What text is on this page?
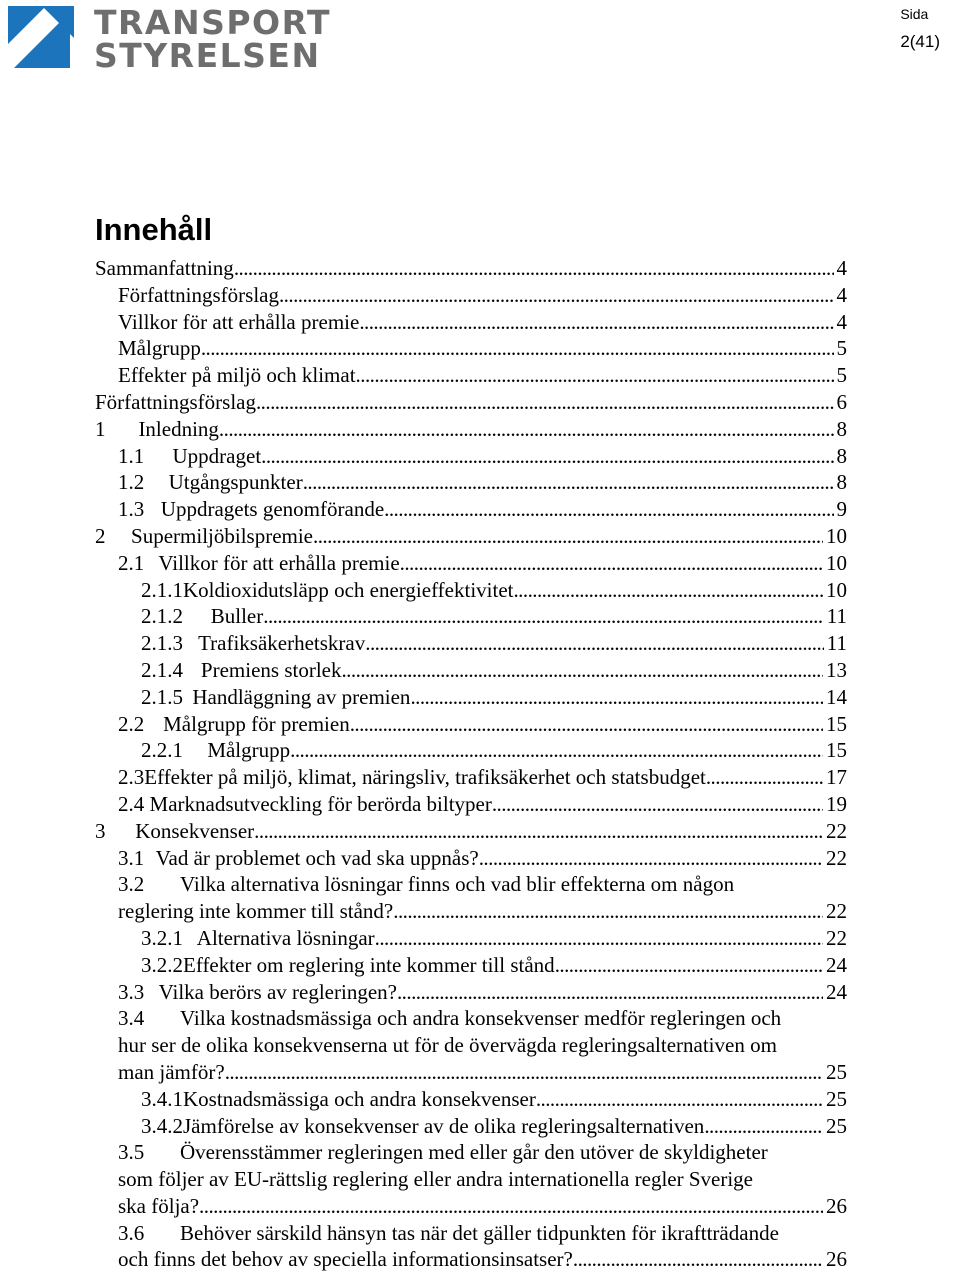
TRANSPORT
STYRELSEN
Sida
2(41)
Innehåll
Sammanfattning . . .	4
Författningsförslag . . .	4
Villkor för att erhålla premie . . .	4
Målgrupp . . .	5
Effekter på miljö och klimat . . .	5
Författningsförslag . . .	6
1	Inledning . . .	8
1.1	Uppdraget . . .	8
1.2	Utgångspunkter . . .	8
1.3 Uppdragets genomförande . . .	9
2	Supermiljöbilspremie . . .	10
2.1 Villkor för att erhålla premie . . .	10
2.1.1 Koldioxidutsläpp och energieffektivitet . . .	10
2.1.2	Buller . . .	11
2.1.3 Trafiksäkerhetskrav . . .	11
2.1.4 Premiens storlek . . .	13
2.1.5 Handläggning av premien . . .	14
2.2 Målgrupp för premien . . .	15
2.2.1	Målgrupp . . .	15
2.3 Effekter på miljö, klimat, näringsliv, trafiksäkerhet och statsbudget . . .	17
2.4 Marknadsutveckling för berörda biltyper . . .	19
3	Konsekvenser . . .	22
3.1 Vad är problemet och vad ska uppnås? . . .	22
3.2	Vilka alternativa lösningar finns och vad blir effekterna om någon
reglering inte kommer till stånd? . . .	22
3.2.1 Alternativa lösningar . . .	22
3.2.2 Effekter om reglering inte kommer till stånd . . .	24
3.3 Vilka berörs av regleringen? . . .	24
3.4	Vilka kostnadsmässiga och andra konsekvenser medför regleringen och
hur ser de olika konsekvenserna ut för de övervägda regleringsalternativen om
man jämför? . . .	25
3.4.1 Kostnadsmässiga och andra konsekvenser . . .	25
3.4.2 Jämförelse av konsekvenser av de olika regleringsalternativen . . .	25
3.5	Överensstämmer regleringen med eller går den utöver de skyldigheter
som följer av EU-rättslig reglering eller andra internationella regler Sverige
ska följa? . . .	26
3.6	Behöver särskild hänsyn tas när det gäller tidpunkten för ikraftträdande
och finns det behov av speciella informationsinsatser? . . .	26
